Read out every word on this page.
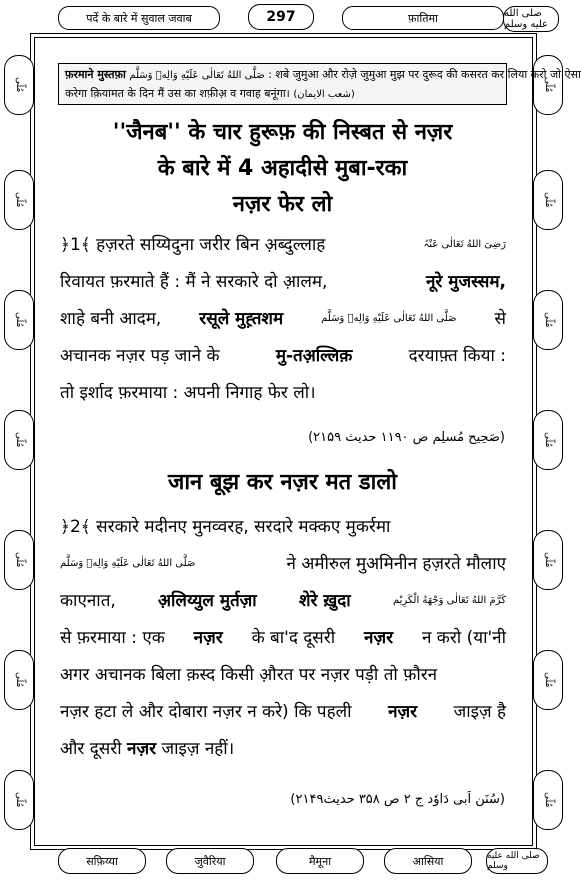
पर्दे के बारे में सुवाल जवाब	297	फ़ातिमा	صلى الله عليه وسلم
مُلّی
مُلّی
مُلّی
مُلّی
مُلّی
مُلّی
مُلّی
مُلّی
مُلّی
مُلّی
مُلّی
مُلّی
مُلّی
مُلّی
फ़रमाने मुस्तफ़ा صَلَّى اللهُ تَعَالٰى عَلَيْهِ وَالِهٖ وَسَلَّم : शबे जुमुआ और रोज़े जुमुआ मुझ पर दुरूद की कसरत कर लिया करो जो ऐसा
करेगा क़ियामत के दिन मैं उस का शफ़ीअ़ व गवाह बनूंगा। (شعب الایمان)
''जैनब'' के चार हुरूफ़ की निस्बत से नज़र
के बारे में 4 अहादीसे मुबा-रका
नज़र फेर लो
﴿1﴾ हज़रते सय्यिदुना जरीर बिन अ़ब्दुल्लाह	رَضِیَ اللهُ تَعَالٰی عَنْہُ
रिवायत फ़रमाते हैं : मैं ने सरकारे दो आ़लम,	नूरे मुजस्सम,
शाहे बनी आदम, रसूले मुह़्तशम	صَلَّى اللهُ تَعَالٰى عَلَيْهِ وَالِهٖ وَسَلَّم से
अचानक नज़र पड़ जाने के	मु-तअ़ल्लिक़	दरयाफ़्त किया :
तो इर्शाद फ़रमाया : अपनी निगाह फेर लो।
(صَحِیح مُسلِم ص ۱۱۹۰ حدیث ۲۱۵۹)
जान बूझ कर नज़र मत डालो
﴿2﴾ सरकारे मदीनए मुनव्वरह, सरदारे मक्कए मुकर्रमा
صَلَّى اللهُ تَعَالٰى عَلَيْهِ وَالِهٖ وَسَلَّم	ने अमीरुल मुअमिनीन हज़रते मौलाए
काएनात, अ़लिय्युल मुर्तज़ा शेरे ख़ुदा	كَرَّمَ اللهُ تَعَالٰى وَجْهَهُ الْكَرِيْم
से फ़रमाया : एक नज़र के बा'द दूसरी नज़र न करो (या'नी
अगर अचानक बिला क़स्द किसी औ़रत पर नज़र पड़ी तो फ़ौरन
नज़र हटा ले और दोबारा नज़र न करे) कि पहली नज़र जाइज़ है
और दूसरी नज़र जाइज़ नहीं।
(سُنَن اَبی دَاوٗد ج ۲ ص ۳۵۸ حدیث۲۱۴۹)
सफ़िय्या	जुवैरिया	मैमूना	आसिया	صلى الله عليه وسلم
